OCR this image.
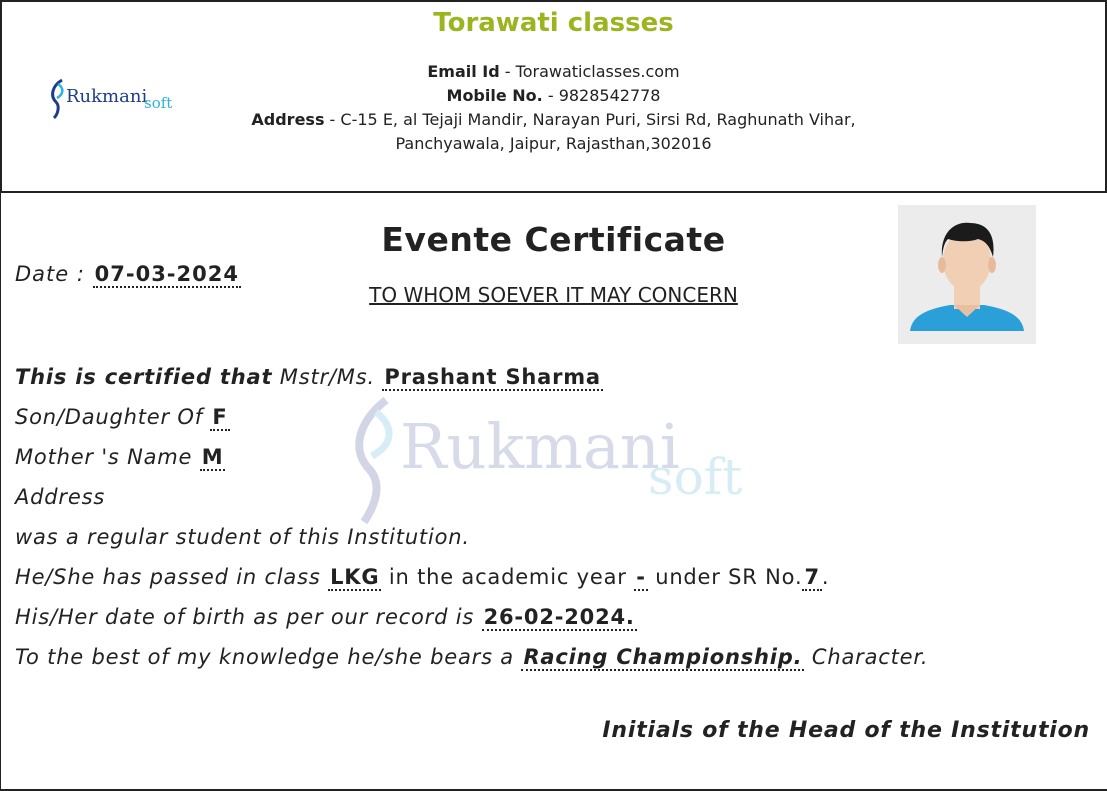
Torawati classes
Rukmani
soft
Email Id - Torawaticlasses.com
Mobile No. - 9828542778
Address - C-15 E, al Tejaji Mandir, Narayan Puri, Sirsi Rd, Raghunath Vihar,
Panchyawala, Jaipur, Rajasthan,302016
Rukmani
soft
Evente Certificate
TO WHOM SOEVER IT MAY CONCERN
Date : 07-03-2024
This is certified that Mstr/Ms. Prashant Sharma
Son/Daughter Of F
Mother 's Name M
Address
was a regular student of this Institution.
He/She has passed in class LKG in the academic year - under SR No.7.
His/Her date of birth as per our record is 26-02-2024.
To the best of my knowledge he/she bears a Racing Championship. Character.
Initials of the Head of the Institution
